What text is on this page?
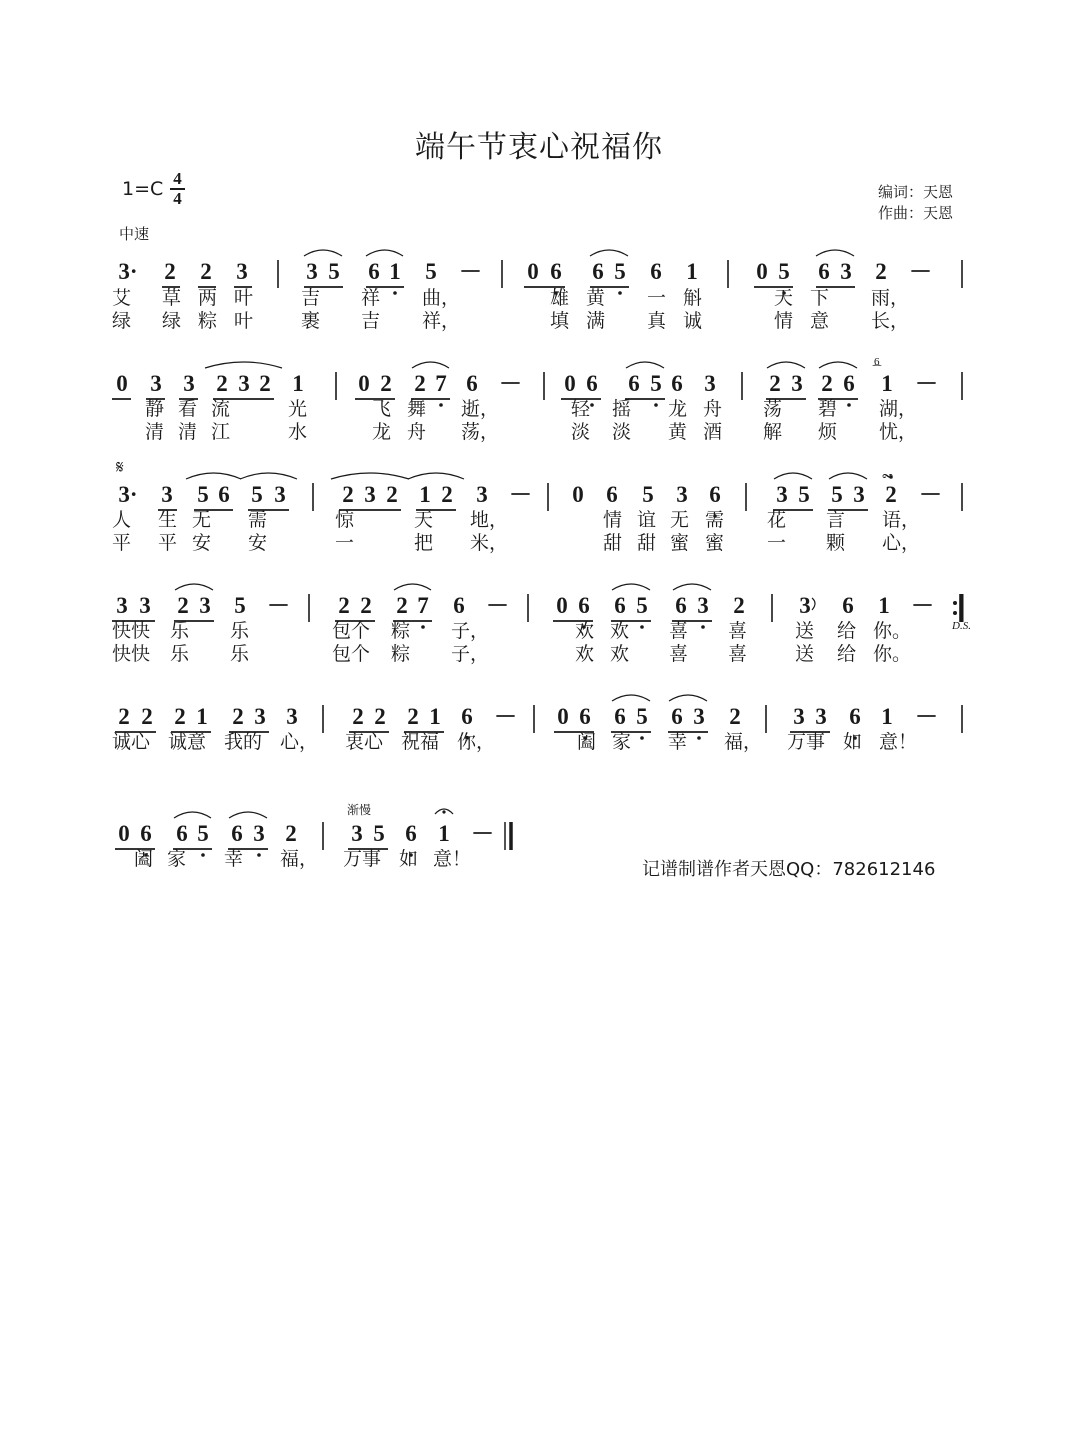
端午节衷心祝福你
1=C 4
4	编词：天恩
作曲：天恩
中速
渐慢
3· 2 2 3	3 5 6 1 5 － 0 6 6 5 6 1	0 5 6 3 2 －
艾 草 两 叶	吉 祥 曲，	雄 黄 一 斛	天 下 雨，
绿 绿 粽 叶	裹 吉 祥，	填 满 真 诚	情 意 长，
0 3 3 2 3 2 1 0 2 2 7 6 － 0 6 6 5 6 3 2 3 2 6 1 －
静 看 流	光	飞 舞 逝，	轻 摇 龙 舟 荡 碧 湖，
清 清 江	水	龙 舟 荡，	淡 淡 黄 酒 解 烦 忧，
6
⁀
3· 3 5 6 5 3 2 3 2 1 2 3 － 0 6 5 3 6 3 5 5 3 2 －
人 生 无 需	惊	天 地，	情 谊 无 需 花 言 语，
平 平 安 安	一	把 米，	甜 甜 蜜 蜜 一 颗 心，
𝄋	𝆗
3 3 2 3 5 － 2 2 2 7 6 － 0 6 6 5 6 3 2 3 6 1 －
快快 乐 乐	包个 粽 子，	欢 欢 喜 喜	送 给 你。
快快 乐 乐	包个 粽 子，	欢 欢 喜 喜	送 给 你。
D.S.
2 2 2 1 2 3 3 2 2 2 1 6 － 0 6 6 5 6 3 2 3 3 6 1 －
诚心 诚意 我的 心， 衷心 祝福 你，	阖 家 幸 福， 万事 如 意！
0 6 6 5 6 3 2 3 5 6 1 －
阖 家 幸 福， 万事 如 意！	记谱制谱作者天恩QQ：782612146
